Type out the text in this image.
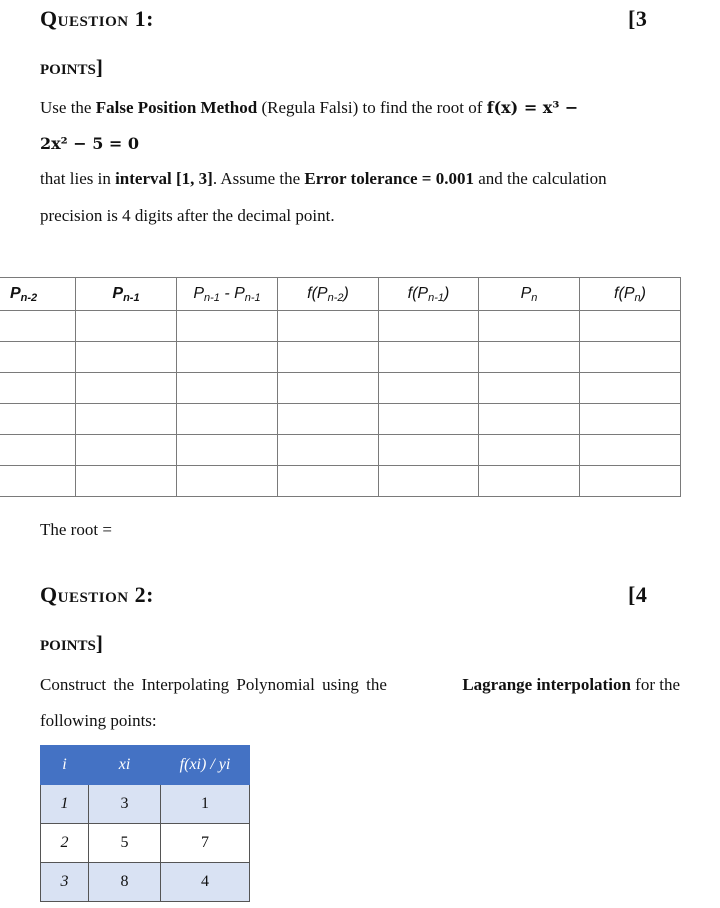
Question 1:	[3
points]
Use the False Position Method (Regula Falsi) to find the root of f(x) = x³ −
2x² − 5 = 0
that lies in interval [1, 3]. Assume the Error tolerance = 0.001 and the calculation
precision is 4 digits after the decimal point.
$P_{n-2}$	$P_{n-1}$	$P_{n-1} - P_{n-1}$	$f(P_{n-2})$	$f(P_{n-1})$	$P_n$	$f(P_n)$

The root =
Question 2:	[4
points]
Construct the Interpolating Polynomial using the	Lagrange interpolation for the
following points:
i	xi	f(xi) / yi
1	3	1
2	5	7
3	8	4
